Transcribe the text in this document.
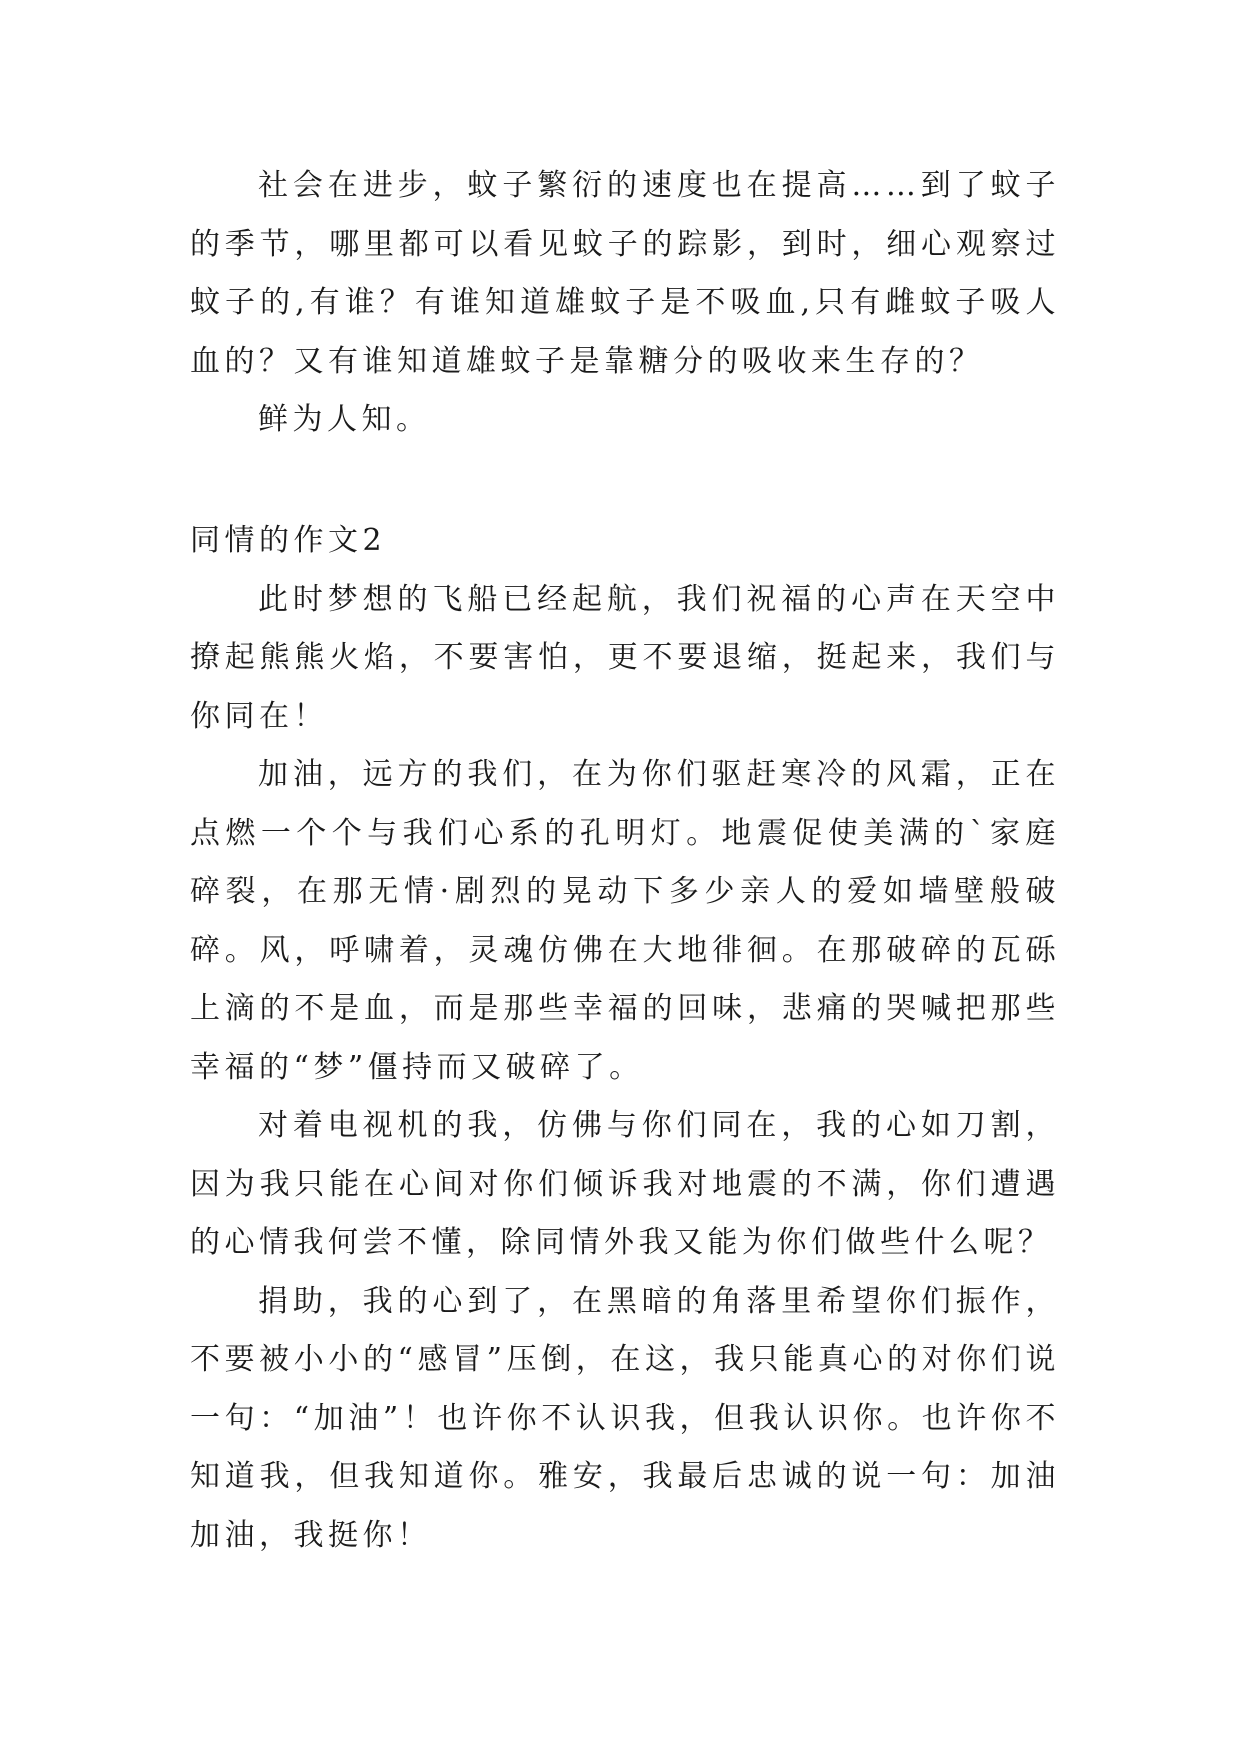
社会在进步，蚊子繁衍的速度也在提高……到了蚊子的季节，哪里都可以看见蚊子的踪影，到时，细心观察过蚊子的,有谁？有谁知道雄蚊子是不吸血,只有雌蚊子吸人血的？又有谁知道雄蚊子是靠糖分的吸收来生存的？

鲜为人知。

同情的作文2

此时梦想的飞船已经起航，我们祝福的心声在天空中撩起熊熊火焰，不要害怕，更不要退缩，挺起来，我们与你同在！

加油，远方的我们，在为你们驱赶寒冷的风霜，正在点燃一个个与我们心系的孔明灯。地震促使美满的`家庭碎裂，在那无情·剧烈的晃动下多少亲人的爱如墙壁般破碎。风，呼啸着，灵魂仿佛在大地徘徊。在那破碎的瓦砾上滴的不是血，而是那些幸福的回味，悲痛的哭喊把那些幸福的“梦”僵持而又破碎了。

对着电视机的我，仿佛与你们同在，我的心如刀割，因为我只能在心间对你们倾诉我对地震的不满，你们遭遇的心情我何尝不懂，除同情外我又能为你们做些什么呢？

捐助，我的心到了，在黑暗的角落里希望你们振作，不要被小小的“感冒”压倒，在这，我只能真心的对你们说一句：“加油”！也许你不认识我，但我认识你。也许你不知道我，但我知道你。雅安，我最后忠诚的说一句：加油加油，我挺你！
